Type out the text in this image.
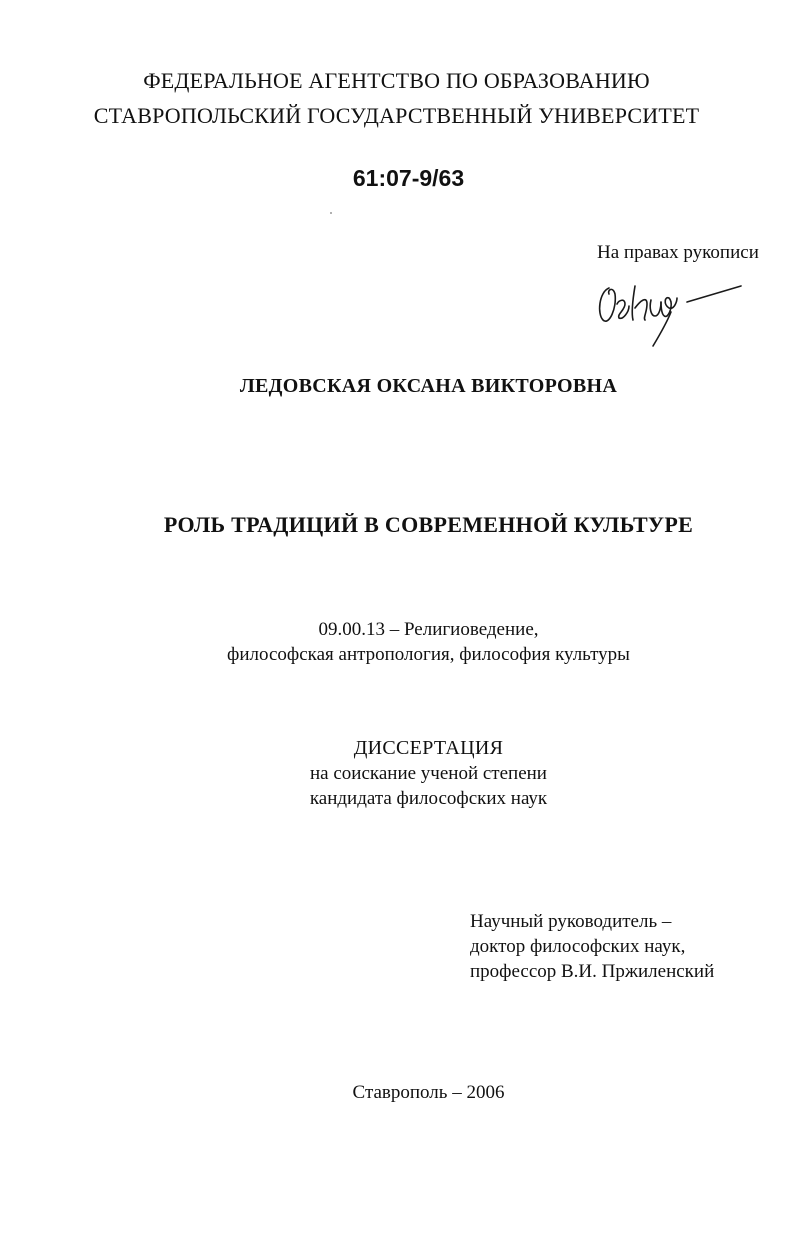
ФЕДЕРАЛЬНОЕ АГЕНТСТВО ПО ОБРАЗОВАНИЮ
СТАВРОПОЛЬСКИЙ ГОСУДАРСТВЕННЫЙ УНИВЕРСИТЕТ
61:07-9/63
На правах рукописи
ЛЕДОВСКАЯ ОКСАНА ВИКТОРОВНА
РОЛЬ ТРАДИЦИЙ В СОВРЕМЕННОЙ КУЛЬТУРЕ
09.00.13 – Религиоведение,
философская антропология, философия культуры
ДИССЕРТАЦИЯ
на соискание ученой степени
кандидата философских наук
Научный руководитель –
доктор философских наук,
профессор В.И. Пржиленский
Ставрополь – 2006
